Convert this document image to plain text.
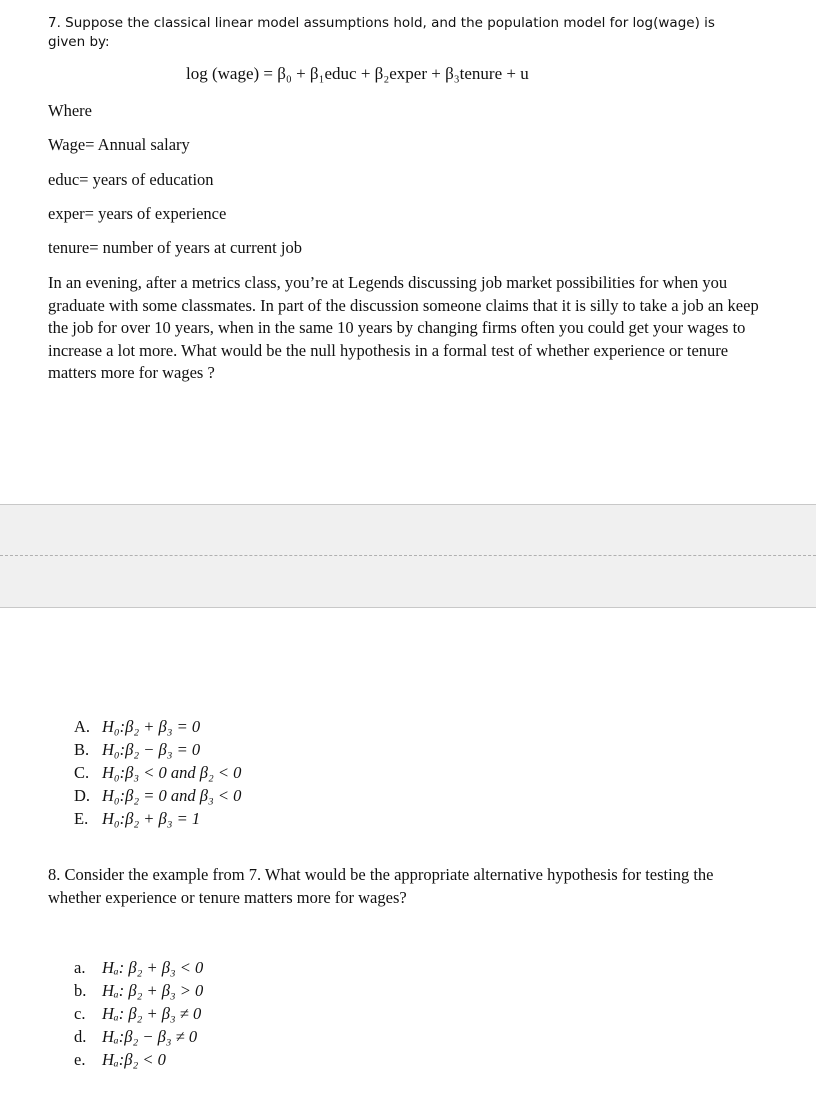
7. Suppose the classical linear model assumptions hold, and the population model for log(wage) is given by:
log (wage) = β₀ + β₁educ + β₂exper + β₃tenure + u
Where
Wage= Annual salary
educ= years of education
exper= years of experience
tenure= number of years at current job
In an evening, after a metrics class, you’re at Legends discussing job market possibilities for when you graduate with some classmates. In part of the discussion someone claims that it is silly to take a job an keep the job for over 10 years, when in the same 10 years by changing firms often you could get your wages to increase a lot more. What would be the null hypothesis in a formal test of whether experience or tenure matters more for wages ?
A. H₀:β₂ + β₃ = 0
B. H₀:β₂ − β₃ = 0
C. H₀:β₃ < 0 and β₂ < 0
D. H₀:β₂ = 0 and β₃ < 0
E. H₀:β₂ + β₃ = 1
8. Consider the example from 7. What would be the appropriate alternative hypothesis for testing the whether experience or tenure matters more for wages?
a.	Hₐ: β₂ + β₃ < 0
b. Hₐ: β₂ + β₃ > 0
c.	Hₐ: β₂ + β₃ ≠ 0
d. Hₐ:β₂ − β₃ ≠ 0
e.	Hₐ:β₂ < 0
